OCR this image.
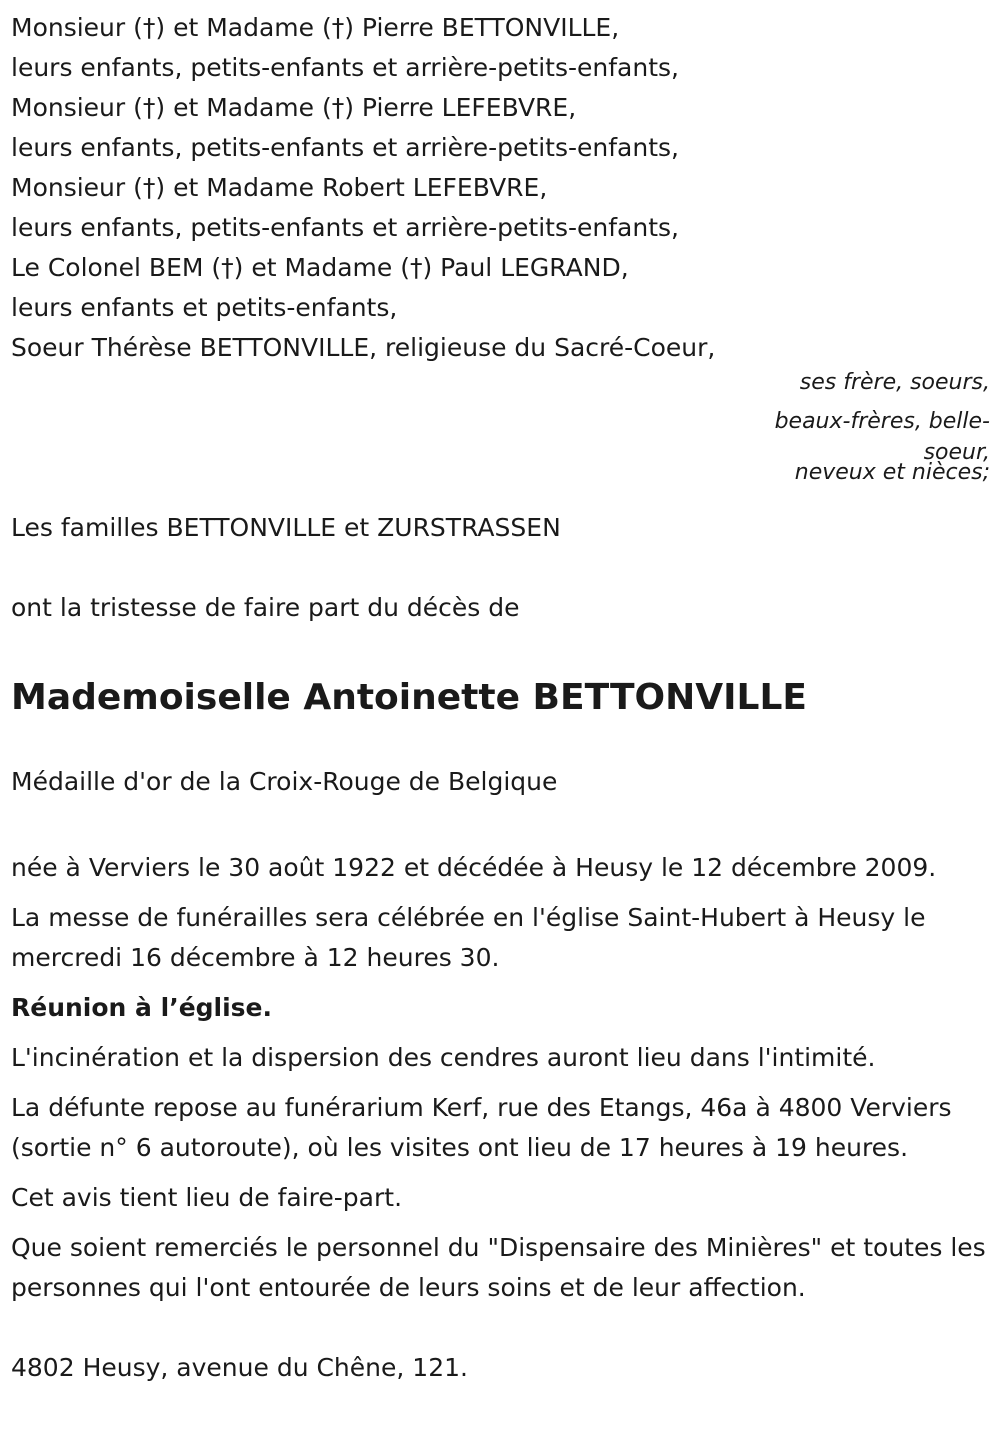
Monsieur (†) et Madame (†) Pierre BETTONVILLE,
leurs enfants, petits-enfants et arrière-petits-enfants,
Monsieur (†) et Madame (†) Pierre LEFEBVRE,
leurs enfants, petits-enfants et arrière-petits-enfants,
Monsieur (†) et Madame Robert LEFEBVRE,
leurs enfants, petits-enfants et arrière-petits-enfants,
Le Colonel BEM (†) et Madame (†) Paul LEGRAND,
leurs enfants et petits-enfants,
Soeur Thérèse BETTONVILLE, religieuse du Sacré-Coeur,
ses frère, soeurs,
beaux-frères, belle-
soeur,
neveux et nièces;
Les familles BETTONVILLE et ZURSTRASSEN
ont la tristesse de faire part du décès de
Mademoiselle Antoinette BETTONVILLE
Médaille d'or de la Croix-Rouge de Belgique
née à Verviers le 30 août 1922 et décédée à Heusy le 12 décembre 2009.
La messe de funérailles sera célébrée en l'église Saint-Hubert à Heusy le mercredi 16 décembre à 12 heures 30.
Réunion à l’église.
L'incinération et la dispersion des cendres auront lieu dans l'intimité.
La défunte repose au funérarium Kerf, rue des Etangs, 46a à 4800 Verviers (sortie n° 6 autoroute), où les visites ont lieu de 17 heures à 19 heures.
Cet avis tient lieu de faire-part.
Que soient remerciés le personnel du "Dispensaire des Minières" et toutes les personnes qui l'ont entourée de leurs soins et de leur affection.
4802 Heusy, avenue du Chêne, 121.
